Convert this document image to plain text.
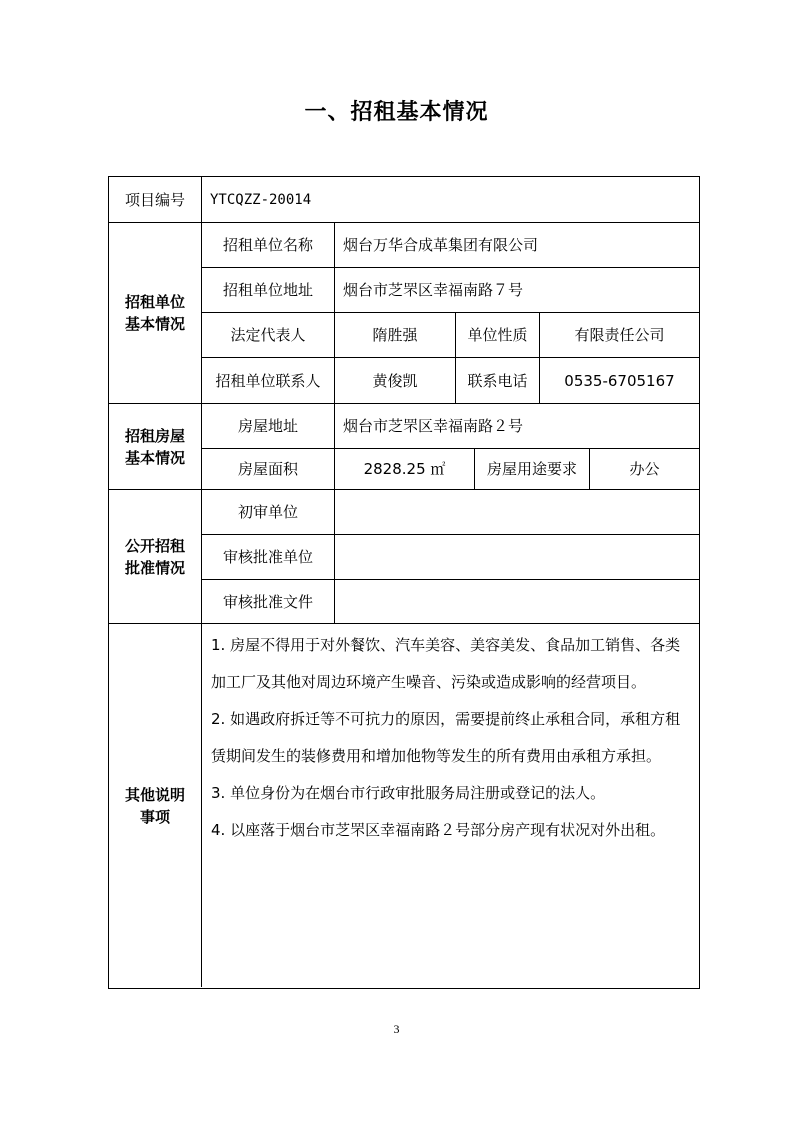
一、招租基本情况
项目编号	YTCQZZ-20014
招租单位
基本情况
招租单位名称	烟台万华合成革集团有限公司
招租单位地址	烟台市芝罘区幸福南路７号
法定代表人	隋胜强	单位性质	有限责任公司
招租单位联系人	黄俊凯	联系电话	0535-6705167
招租房屋
基本情况
房屋地址	烟台市芝罘区幸福南路２号
房屋面积	2828.25 ㎡	房屋用途要求	办公
公开招租
批准情况
初审单位
审核批准单位
审核批准文件
其他说明
事项

1. 房屋不得用于对外餐饮、汽车美容、美容美发、食品加工销售、各类加工厂及其他对周边环境产生噪音、污染或造成影响的经营项目。

2. 如遇政府拆迁等不可抗力的原因，需要提前终止承租合同，承租方租赁期间发生的装修费用和增加他物等发生的所有费用由承租方承担。

3. 单位身份为在烟台市行政审批服务局注册或登记的法人。

4. 以座落于烟台市芝罘区幸福南路２号部分房产现有状况对外出租。

3
